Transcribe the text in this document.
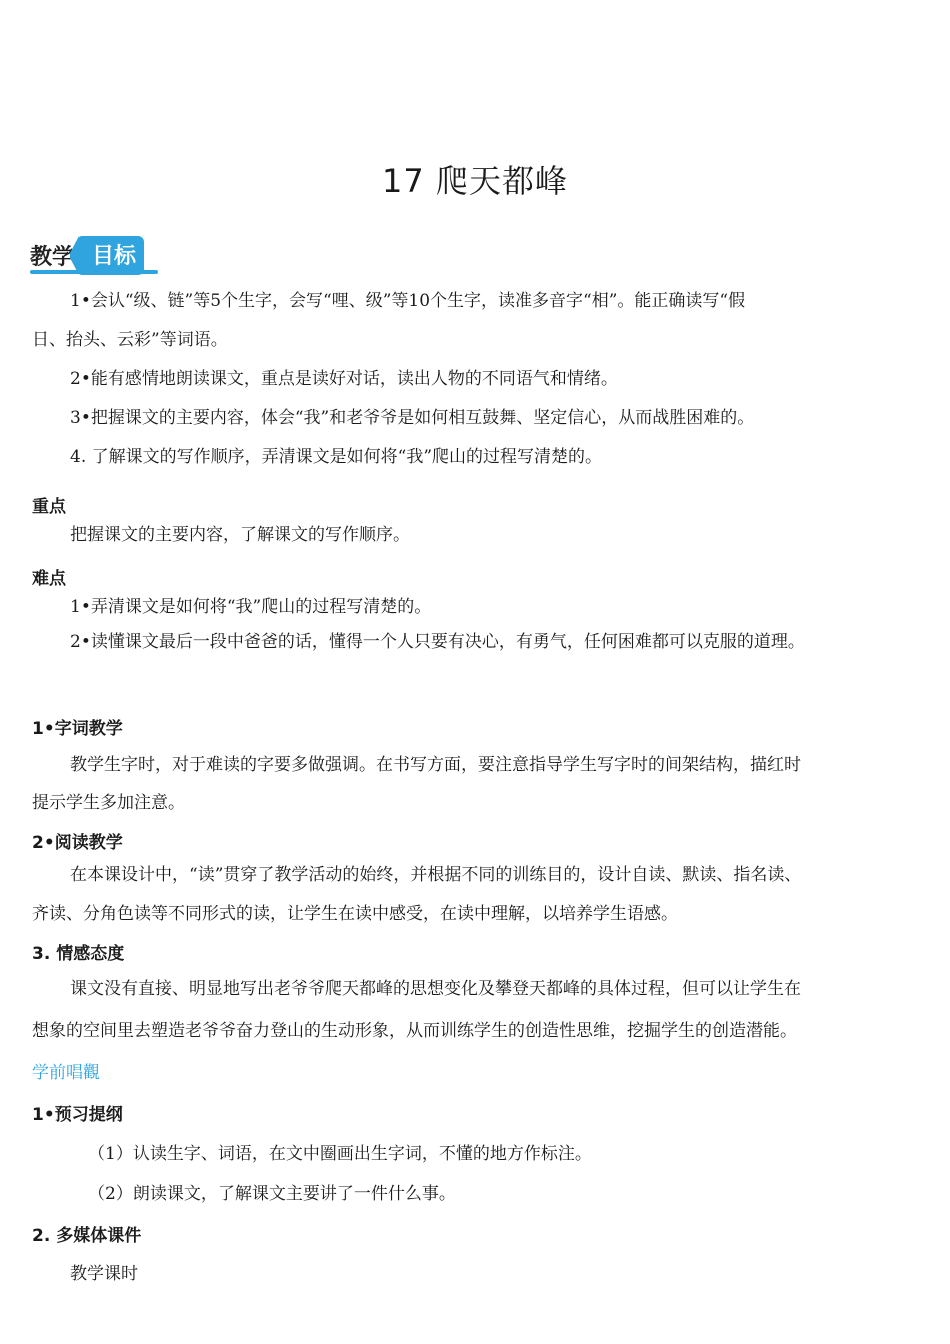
17 爬天都峰
教学 目标
1•会认“级、链”等5个生字，会写“哩、级”等10个生字，读准多音字“相”。能正确读写“假
日、抬头、云彩”等词语。
2•能有感情地朗读课文，重点是读好对话，读出人物的不同语气和情绪。
3•把握课文的主要内容，体会“我”和老爷爷是如何相互鼓舞、坚定信心，从而战胜困难的。
4. 了解课文的写作顺序，弄清课文是如何将“我”爬山的过程写清楚的。
重点
把握课文的主要内容，了解课文的写作顺序。
难点
1•弄清课文是如何将“我”爬山的过程写清楚的。
2•读懂课文最后一段中爸爸的话，懂得一个人只要有决心，有勇气，任何困难都可以克服的道理。
1•字词教学
教学生字时，对于难读的字要多做强调。在书写方面，要注意指导学生写字时的间架结构，描红时
提示学生多加注意。
2•阅读教学
在本课设计中，“读”贯穿了教学活动的始终，并根据不同的训练目的，设计自读、默读、指名读、
齐读、分角色读等不同形式的读，让学生在读中感受，在读中理解，以培养学生语感。
3. 情感态度
课文没有直接、明显地写出老爷爷爬天都峰的思想变化及攀登天都峰的具体过程，但可以让学生在
想象的空间里去塑造老爷爷奋力登山的生动形象，从而训练学生的创造性思维，挖掘学生的创造潜能。
学前唱觀
1•预习提纲
（1）认读生字、词语，在文中圈画出生字词，不懂的地方作标注。
（2）朗读课文，了解课文主要讲了一件什么事。
2. 多媒体课件
教学课时
